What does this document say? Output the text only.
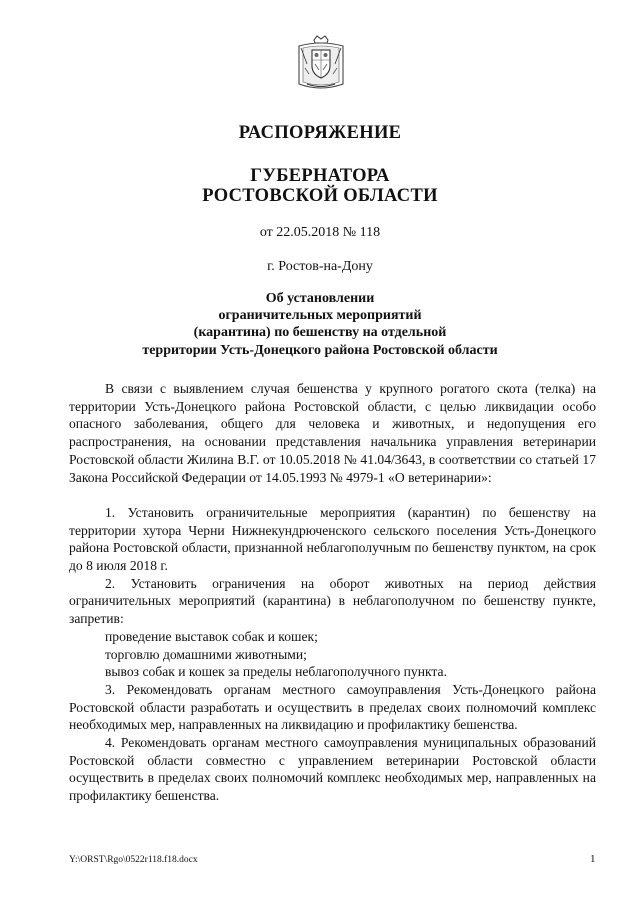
РАСПОРЯЖЕНИЕ
ГУБЕРНАТОРА
РОСТОВСКОЙ ОБЛАСТИ
от 22.05.2018 № 118
г. Ростов-на-Дону
Об установлении
ограничительных мероприятий
(карантина) по бешенству на отдельной
территории Усть-Донецкого района Ростовской области

В связи с выявлением случая бешенства у крупного рогатого скота (телка) на территории Усть-Донецкого района Ростовской области, с целью ликвидации особо опасного заболевания, общего для человека и животных, и недопущения его распространения, на основании представления начальника управления ветеринарии Ростовской области Жилина В.Г. от 10.05.2018 № 41.04/3643, в соответствии со статьей 17 Закона Российской Федерации от 14.05.1993 № 4979-1 «О ветеринарии»:

1. Установить ограничительные мероприятия (карантин) по бешенству на территории хутора Черни Нижнекундрюченского сельского поселения Усть-Донецкого района Ростовской области, признанной неблагополучным по бешенству пунктом, на срок до 8 июля 2018 г.

2. Установить ограничения на оборот животных на период действия ограничительных мероприятий (карантина) в неблагополучном по бешенству пункте, запретив:

проведение выставок собак и кошек;

торговлю домашними животными;

вывоз собак и кошек за пределы неблагополучного пункта.

3. Рекомендовать органам местного самоуправления Усть-Донецкого района Ростовской области разработать и осуществить в пределах своих полномочий комплекс необходимых мер, направленных на ликвидацию и профилактику бешенства.

4. Рекомендовать органам местного самоуправления муниципальных образований Ростовской области совместно с управлением ветеринарии Ростовской области осуществить в пределах своих полномочий комплекс необходимых мер, направленных на профилактику бешенства.

Y:\ORST\Rgo\0522r118.f18.docx	1
